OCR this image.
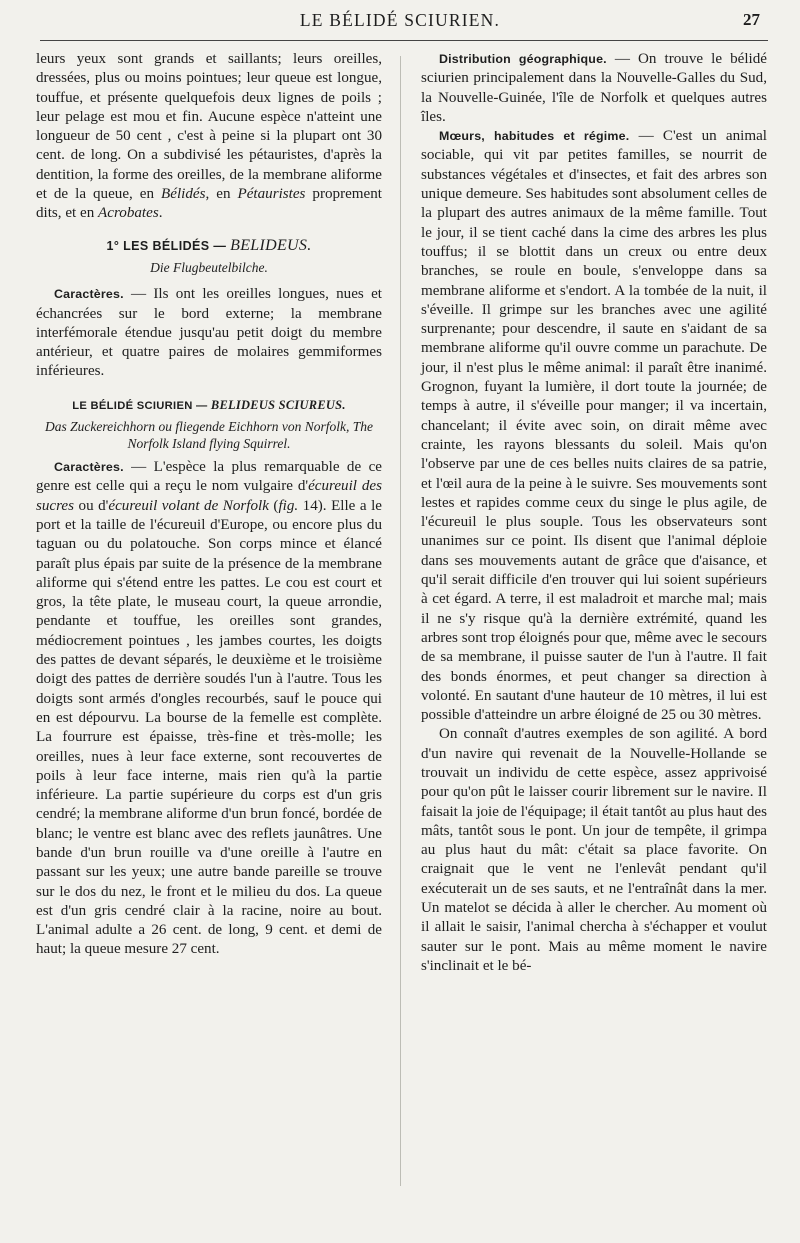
LE BÉLIDÉ SCIURIEN.	27

leurs yeux sont grands et saillants; leurs oreilles, dressées, plus ou moins pointues; leur queue est longue, touffue, et présente quelquefois deux lignes de poils ; leur pelage est mou et fin. Aucune espèce n'atteint une longueur de 50 cent , c'est à peine si la plupart ont 30 cent. de long. On a subdivisé les pétauristes, d'après la dentition, la forme des oreilles, de la membrane aliforme et de la queue, en Bélidés, en Pétauristes proprement dits, et en Acrobates.

1° LES BÉLIDÉS — BELIDEUS.
Die Flugbeutelbilche.

Caractères. — Ils ont les oreilles longues, nues et échancrées sur le bord externe; la membrane interfémorale étendue jusqu'au petit doigt du membre antérieur, et quatre paires de molaires gemmiformes inférieures.

LE BÉLIDÉ SCIURIEN — BELIDEUS SCIUREUS.
Das Zuckereichhorn ou fliegende Eichhorn von Norfolk, The Norfolk Island flying Squirrel.

Caractères. — L'espèce la plus remarquable de ce genre est celle qui a reçu le nom vulgaire d'écureuil des sucres ou d'écureuil volant de Norfolk (fig. 14). Elle a le port et la taille de l'écureuil d'Europe, ou encore plus du taguan ou du polatouche. Son corps mince et élancé paraît plus épais par suite de la présence de la membrane aliforme qui s'étend entre les pattes. Le cou est court et gros, la tête plate, le museau court, la queue arrondie, pendante et touffue, les oreilles sont grandes, médiocrement pointues , les jambes courtes, les doigts des pattes de devant séparés, le deuxième et le troisième doigt des pattes de derrière soudés l'un à l'autre. Tous les doigts sont armés d'ongles recourbés, sauf le pouce qui en est dépourvu. La bourse de la femelle est complète. La fourrure est épaisse, très-fine et très-molle; les oreilles, nues à leur face externe, sont recouvertes de poils à leur face interne, mais rien qu'à la partie inférieure. La partie supérieure du corps est d'un gris cendré; la membrane aliforme d'un brun foncé, bordée de blanc; le ventre est blanc avec des reflets jaunâtres. Une bande d'un brun rouille va d'une oreille à l'autre en passant sur les yeux; une autre bande pareille se trouve sur le dos du nez, le front et le milieu du dos. La queue est d'un gris cendré clair à la racine, noire au bout. L'animal adulte a 26 cent. de long, 9 cent. et demi de haut; la queue mesure 27 cent.

Distribution géographique. — On trouve le bélidé sciurien principalement dans la Nouvelle-Galles du Sud, la Nouvelle-Guinée, l'île de Norfolk et quelques autres îles.

Mœurs, habitudes et régime. — C'est un animal sociable, qui vit par petites familles, se nourrit de substances végétales et d'insectes, et fait des arbres son unique demeure. Ses habitudes sont absolument celles de la plupart des autres animaux de la même famille. Tout le jour, il se tient caché dans la cime des arbres les plus touffus; il se blottit dans un creux ou entre deux branches, se roule en boule, s'enveloppe dans sa membrane aliforme et s'endort. A la tombée de la nuit, il s'éveille. Il grimpe sur les branches avec une agilité surprenante; pour descendre, il saute en s'aidant de sa membrane aliforme qu'il ouvre comme un parachute. De jour, il n'est plus le même animal: il paraît être inanimé. Grognon, fuyant la lumière, il dort toute la journée; de temps à autre, il s'éveille pour manger; il va incertain, chancelant; il évite avec soin, on dirait même avec crainte, les rayons blessants du soleil. Mais qu'on l'observe par une de ces belles nuits claires de sa patrie, et l'œil aura de la peine à le suivre. Ses mouvements sont lestes et rapides comme ceux du singe le plus agile, de l'écureuil le plus souple. Tous les observateurs sont unanimes sur ce point. Ils disent que l'animal déploie dans ses mouvements autant de grâce que d'aisance, et qu'il serait difficile d'en trouver qui lui soient supérieurs à cet égard. A terre, il est maladroit et marche mal; mais il ne s'y risque qu'à la dernière extrémité, quand les arbres sont trop éloignés pour que, même avec le secours de sa membrane, il puisse sauter de l'un à l'autre. Il fait des bonds énormes, et peut changer sa direction à volonté. En sautant d'une hauteur de 10 mètres, il lui est possible d'atteindre un arbre éloigné de 25 ou 30 mètres.

On connaît d'autres exemples de son agilité. A bord d'un navire qui revenait de la Nouvelle-Hollande se trouvait un individu de cette espèce, assez apprivoisé pour qu'on pût le laisser courir librement sur le navire. Il faisait la joie de l'équipage; il était tantôt au plus haut des mâts, tantôt sous le pont. Un jour de tempête, il grimpa au plus haut du mât: c'était sa place favorite. On craignait que le vent ne l'enlevât pendant qu'il exécuterait un de ses sauts, et ne l'entraînât dans la mer. Un matelot se décida à aller le chercher. Au moment où il allait le saisir, l'animal chercha à s'échapper et voulut sauter sur le pont. Mais au même moment le navire s'inclinait et le bé-
